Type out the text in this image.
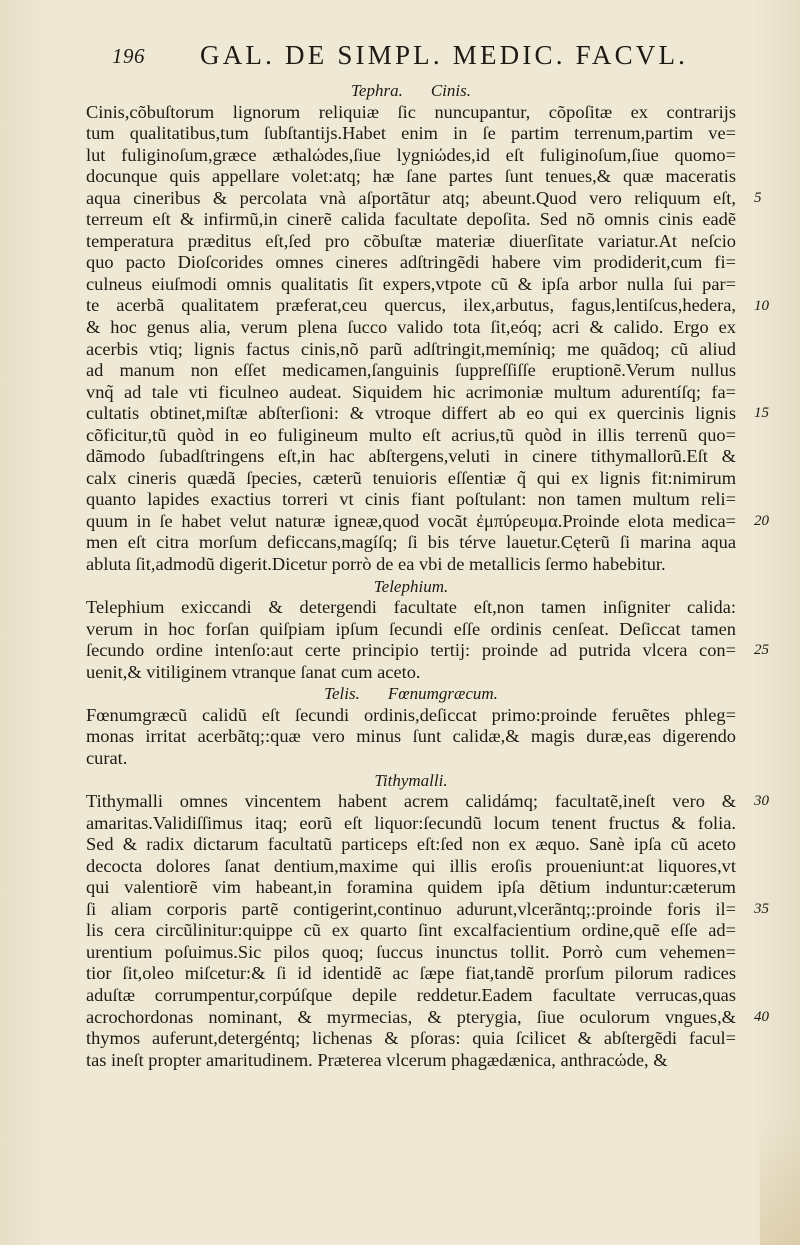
196 GAL. DE SIMPL. MEDIC. FACVL.
Tephra. Cinis.
Cinis,cõbuſtorum lignorum reliquiæ ſic nuncupantur, cõpoſitæ ex contrarijs
tum qualitatibus,tum ſubſtantijs.Habet enim in ſe partim terrenum,partim ve=
lut fuliginoſum,græce æthalώdes,ſiue lygniώdes,id eſt fuliginoſum,ſiue quomo=
docunque quis appellare volet:atq; hæ ſane partes ſunt tenues,& quæ maceratis
aqua cineribus & percolata vnà aſportãtur atq; abeunt.Quod vero reliquum eſt,
terreum eſt & infirmũ,in cinerẽ calida facultate depoſita. Sed nõ omnis cinis eadẽ
temperatura præditus eſt,ſed pro cõbuſtæ materiæ diuerſitate variatur.At neſcio
quo pacto Dioſcorides omnes cineres adſtringẽdi habere vim prodiderit,cum fi=
culneus eiuſmodi omnis qualitatis ſit expers,vtpote cũ & ipſa arbor nulla ſui par=
te acerbã qualitatem præferat,ceu quercus, ilex,arbutus, fagus,lentiſcus,hedera,
& hoc genus alia, verum plena ſucco valido tota ſit,eóq; acri & calido. Ergo ex
acerbis vtiq; lignis factus cinis,nõ parũ adſtringit,memíniq; me quãdoq; cũ aliud
ad manum non eſſet medicamen,ſanguinis ſuppreſſiſſe eruptionẽ.Verum nullus
vnq̃ ad tale vti ficulneo audeat. Siquidem hic acrimoniæ multum adurentíſq; fa=
cultatis obtinet,miſtæ abſterſioni: & vtroque differt ab eo qui ex quercinis lignis
cõficitur,tũ quòd in eo fuligineum multo eſt acrius,tũ quòd in illis terrenũ quo=
dãmodo ſubadſtringens eſt,in hac abſtergens,veluti in cinere tithymallorũ.Eſt &
calx cineris quædã ſpecies, cæterũ tenuioris eſſentiæ q̃ qui ex lignis fit:nimirum
quanto lapides exactius torreri vt cinis fiant poſtulant: non tamen multum reli=
quum in ſe habet velut naturæ igneæ,quod vocãt ἐμπύρευμα.Proinde elota medica=
men eſt citra morſum deficcans,magíſq; ſi bis térve lauetur.Cęterũ ſi marina aqua
abluta ſit,admodũ digerit.Dicetur porrò de ea vbi de metallicis ſermo habebitur.
Telephium.
Telephium exiccandi & detergendi facultate eſt,non tamen inſigniter calida:
verum in hoc forſan quiſpiam ipſum ſecundi eſſe ordinis cenſeat. Deſiccat tamen
ſecundo ordine intenſo:aut certe principio tertij: proinde ad putrida vlcera con=
uenit,& vitiliginem vtranque ſanat cum aceto.
Telis. Fœnumgræcum.
Fœnumgræcũ calidũ eſt ſecundi ordinis,deſiccat primo:proinde feruẽtes phleg=
monas irritat acerbãtq;:quæ vero minus ſunt calidæ,& magis duræ,eas digerendo
curat.
Tithymalli.
Tithymalli omnes vincentem habent acrem calidámq; facultatẽ,ineſt vero &
amaritas.Validiſſimus itaq; eorũ eſt liquor:ſecundũ locum tenent fructus & folia.
Sed & radix dictarum facultatũ particeps eſt:ſed non ex æquo. Sanè ipſa cũ aceto
decocta dolores ſanat dentium,maxime qui illis eroſis proueniunt:at liquores,vt
qui valentiorẽ vim habeant,in foramina quidem ipſa dẽtium induntur:cæterum
ſi aliam corporis partẽ contigerint,continuo adurunt,vlcerãntq;:proinde foris il=
lis cera circũlinitur:quippe cũ ex quarto ſint excalfacientium ordine,quẽ eſſe ad=
urentium poſuimus.Sic pilos quoq; ſuccus inunctus tollit. Porrò cum vehemen=
tior ſit,oleo miſcetur:& ſi id identidẽ ac ſæpe fiat,tandẽ prorſum pilorum radices
aduſtæ corrumpentur,corpúſque depile reddetur.Eadem facultate verrucas,quas
acrochordonas nominant, & myrmecias, & pterygia, ſiue oculorum vngues,&
thymos auferunt,detergéntq; lichenas & pſoras: quia ſcilicet & abſtergẽdi facul=
tas ineſt propter amaritudinem. Præterea vlcerum phagædænica, anthracώde, &
5
10
15
20
25
30
35
40
